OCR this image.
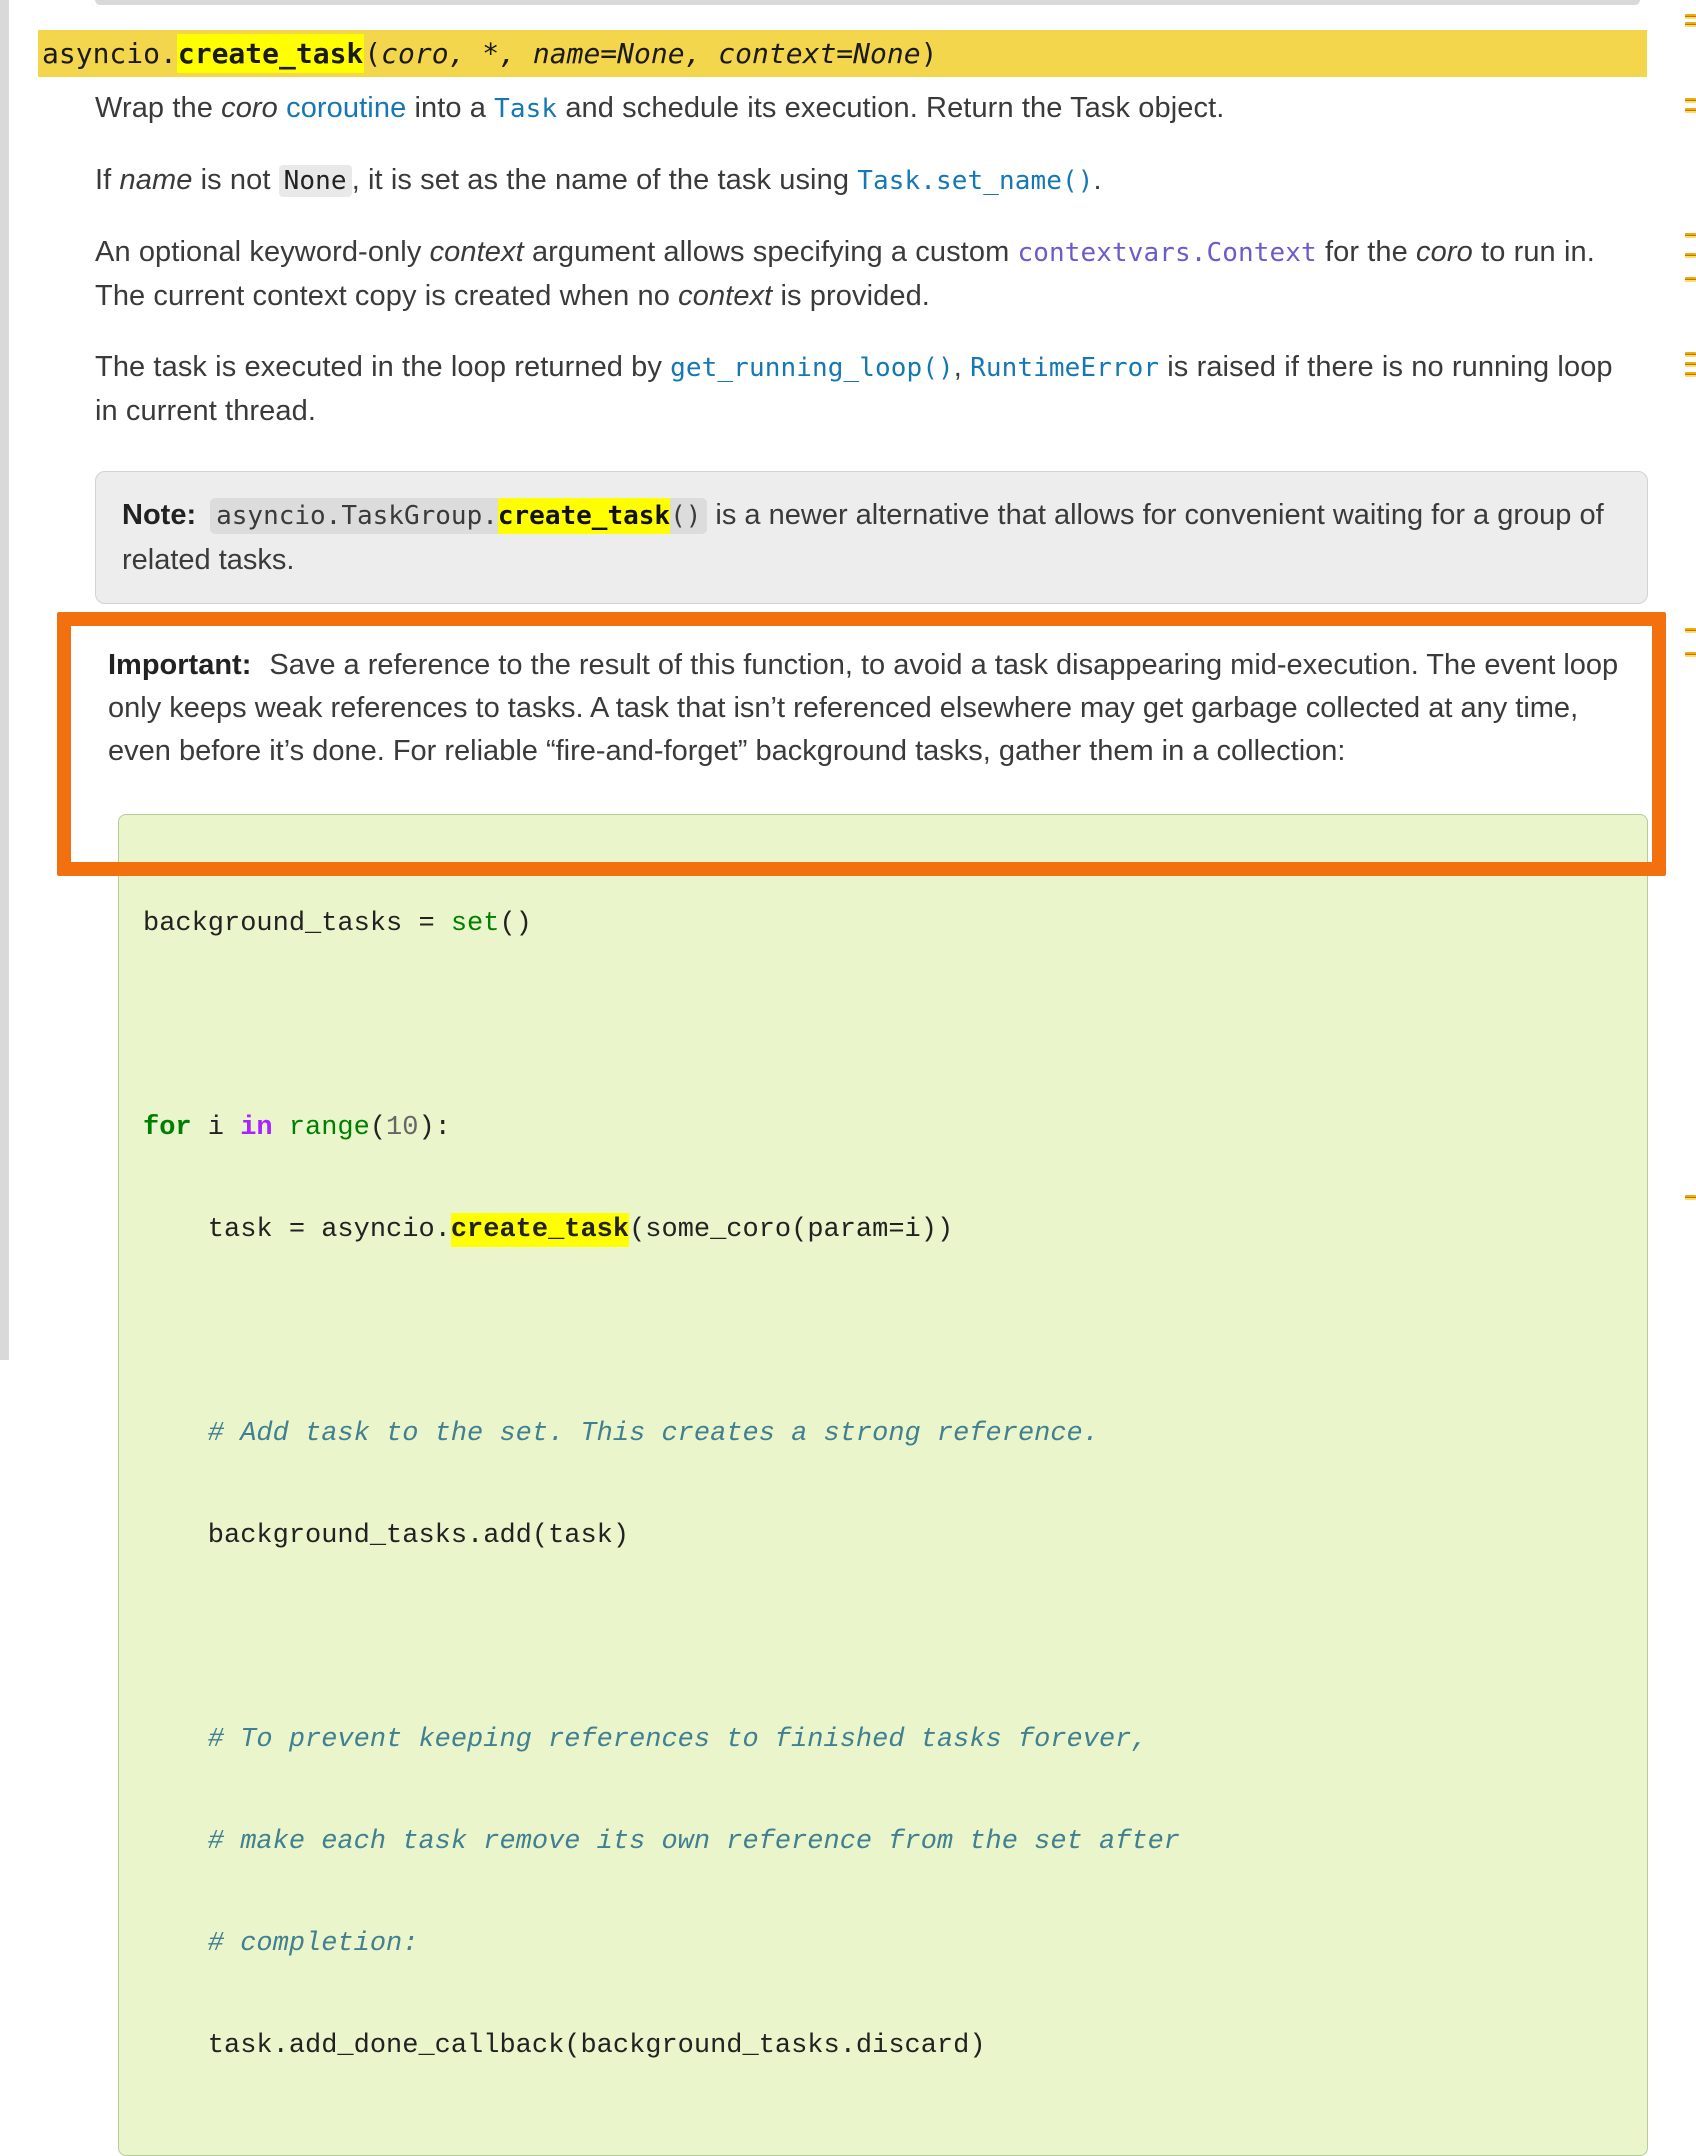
asyncio.create_task(coro, *, name=None, context=None)

Wrap the coro coroutine into a Task and schedule its execution. Return the Task object.

If name is not None , it is set as the name of the task using Task.set_name().

An optional keyword-only context argument allows specifying a custom contextvars.Context for the coro to run in. The current context copy is created when no context is provided.

The task is executed in the loop returned by get_running_loop(), RuntimeError is raised if there is no running loop in current thread.

Note: asyncio.TaskGroup.create_task() is a newer alternative that allows for convenient waiting for a group of related tasks.

Important: Save a reference to the result of this function, to avoid a task disappearing mid-execution. The event loop only keeps weak references to tasks. A task that isn’t referenced elsewhere may get garbage collected at any time, even before it’s done. For reliable “fire-and-forget” background tasks, gather them in a collection:

background_tasks = set()

for i in range(10):

task = asyncio.create_task(some_coro(param=i))

# Add task to the set. This creates a strong reference.

background_tasks.add(task)

# To prevent keeping references to finished tasks forever,

# make each task remove its own reference from the set after

# completion:

task.add_done_callback(background_tasks.discard)
